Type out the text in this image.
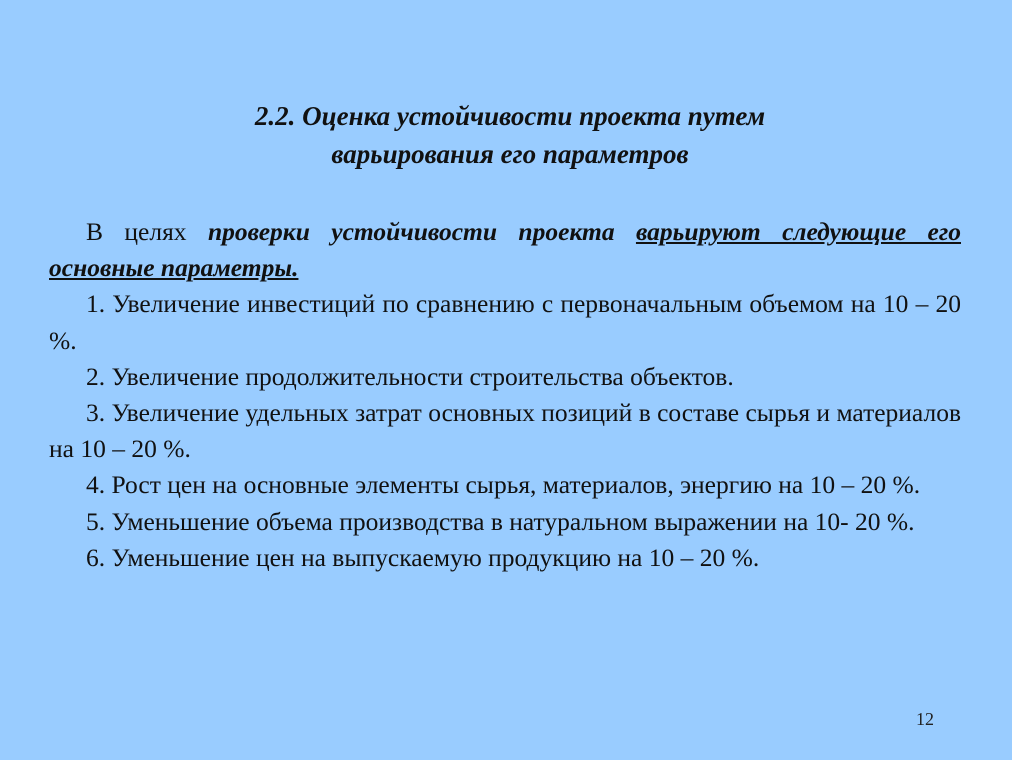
2.2. Оценка устойчивости проекта путем
варьирования его параметров

В целях проверки устойчивости проекта варьируют следующие его основные параметры.

1. Увеличение инвестиций по сравнению с первоначальным объемом на 10 – 20 %.

2. Увеличение продолжительности строительства объектов.

3. Увеличение удельных затрат основных позиций в составе сырья и материалов на 10 – 20 %.

4. Рост цен на основные элементы сырья, материалов, энергию на 10 – 20 %.

5. Уменьшение объема производства в натуральном выражении на 10- 20 %.

6. Уменьшение цен на выпускаемую продукцию на 10 – 20 %.

12
